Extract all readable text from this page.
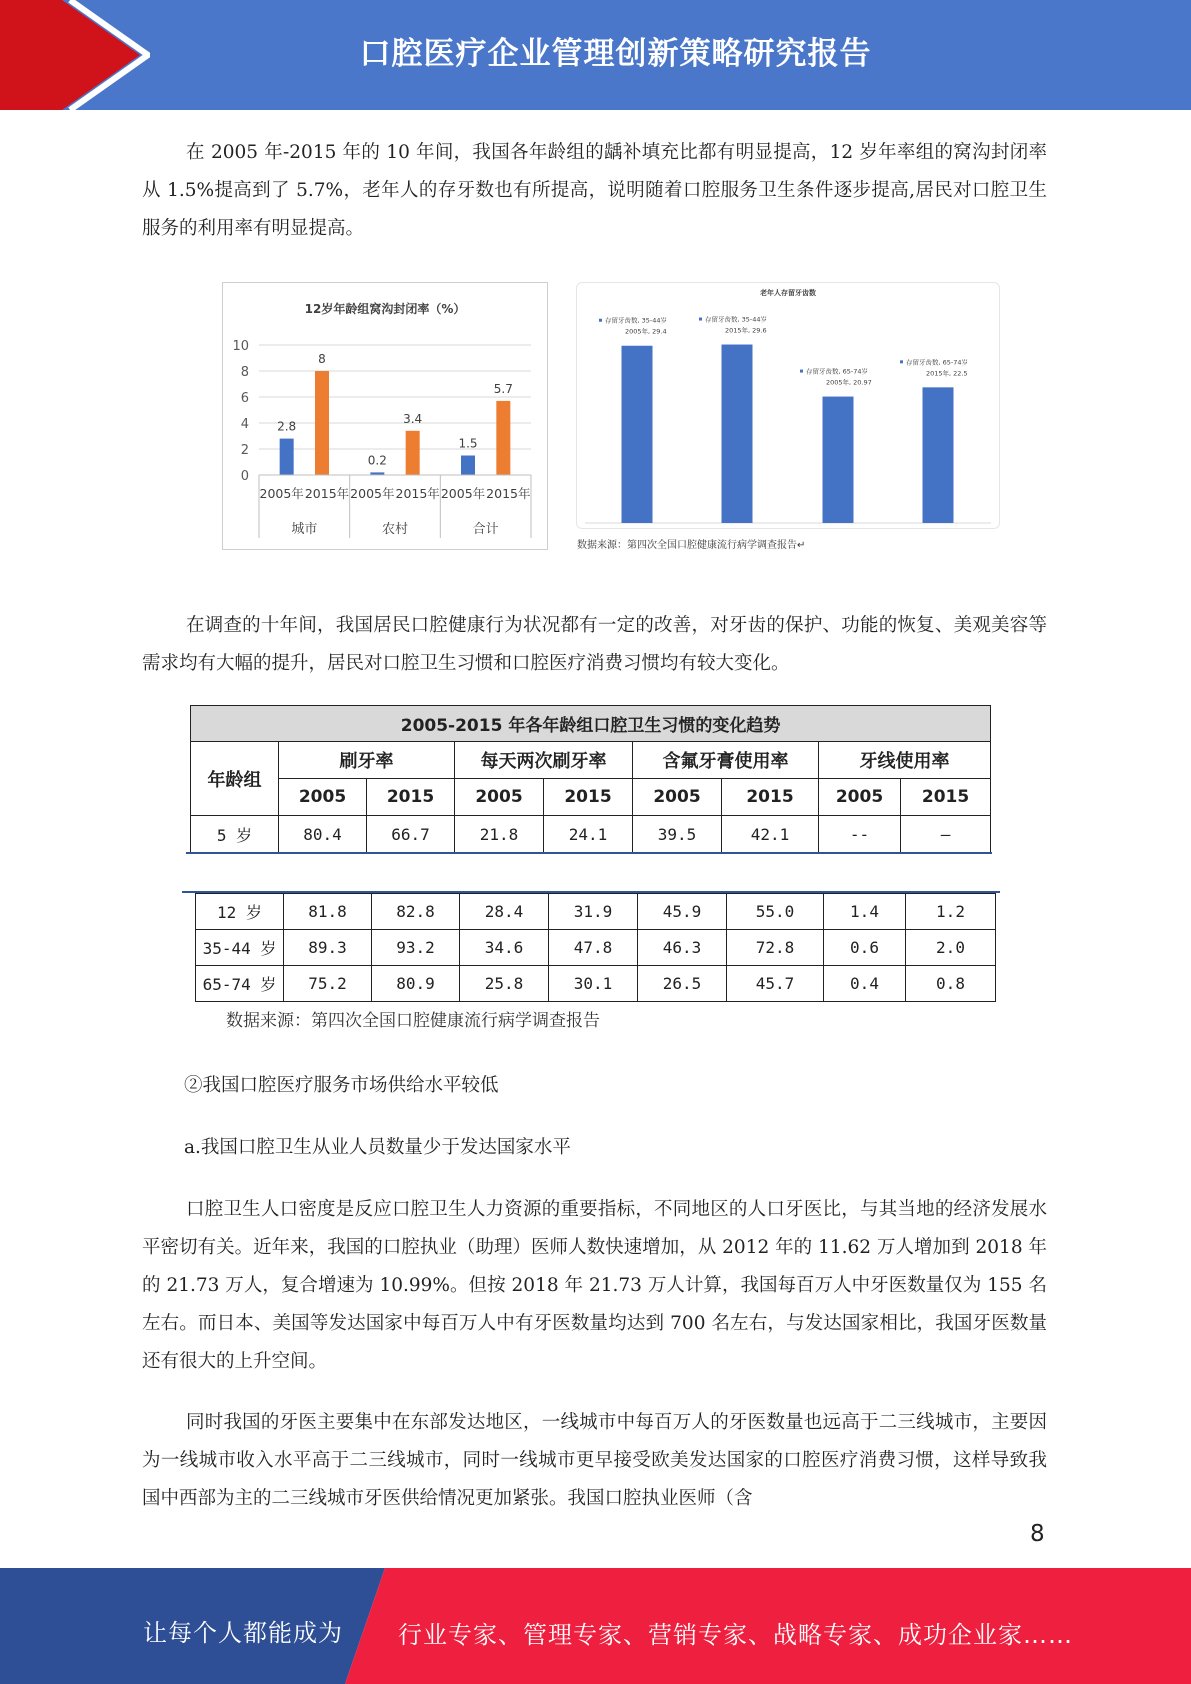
口腔医疗企业管理创新策略研究报告

在 2005 年-2015 年的 10 年间，我国各年龄组的龋补填充比都有明显提高，12 岁年率组的窝沟封闭率从 1.5%提高到了 5.7%，老年人的存牙数也有所提高，说明随着口腔服务卫生条件逐步提高,居民对口腔卫生服务的利用率有明显提高。

12岁年龄组窝沟封闭率（%）
0
2
4
6
8
10
2.8
2005年
8
2015年
0.2
2005年
3.4
2015年
1.5
2005年
5.7
2015年
城市	农村	合计
老年人存留牙齿数
存留牙齿数, 35-44岁
2005年, 29.4
存留牙齿数, 35-44岁
2015年, 29.6
存留牙齿数, 65-74岁
2005年, 20.97
存留牙齿数, 65-74岁
2015年, 22.5
数据来源：第四次全国口腔健康流行病学调查报告↵

在调查的十年间，我国居民口腔健康行为状况都有一定的改善，对牙齿的保护、功能的恢复、美观美容等需求均有大幅的提升，居民对口腔卫生习惯和口腔医疗消费习惯均有较大变化。

2005-2015 年各年龄组口腔卫生习惯的变化趋势								
年龄组	刷牙率		每天两次刷牙率		含氟牙膏使用率		牙线使用率	
	2005	2015	2005	2015	2005	2015	2005	2015
5 岁	80.4	66.7	21.8	24.1	39.5	42.1	--	—
12 岁	81.8	82.8	28.4	31.9	45.9	55.0	1.4	1.2
35-44 岁	89.3	93.2	34.6	47.8	46.3	72.8	0.6	2.0
65-74 岁	75.2	80.9	25.8	30.1	26.5	45.7	0.4	0.8
数据来源：第四次全国口腔健康流行病学调查报告

②我国口腔医疗服务市场供给水平较低

a.我国口腔卫生从业人员数量少于发达国家水平

口腔卫生人口密度是反应口腔卫生人力资源的重要指标，不同地区的人口牙医比，与其当地的经济发展水平密切有关。近年来，我国的口腔执业（助理）医师人数快速增加，从 2012 年的 11.62 万人增加到 2018 年的 21.73 万人，复合增速为 10.99%。但按 2018 年 21.73 万人计算，我国每百万人中牙医数量仅为 155 名左右。而日本、美国等发达国家中每百万人中有牙医数量均达到 700 名左右，与发达国家相比，我国牙医数量还有很大的上升空间。

同时我国的牙医主要集中在东部发达地区，一线城市中每百万人的牙医数量也远高于二三线城市，主要因为一线城市收入水平高于二三线城市，同时一线城市更早接受欧美发达国家的口腔医疗消费习惯，这样导致我国中西部为主的二三线城市牙医供给情况更加紧张。我国口腔执业医师（含

8
让每个人都能成为 行业专家、管理专家、营销专家、战略专家、成功企业家……
